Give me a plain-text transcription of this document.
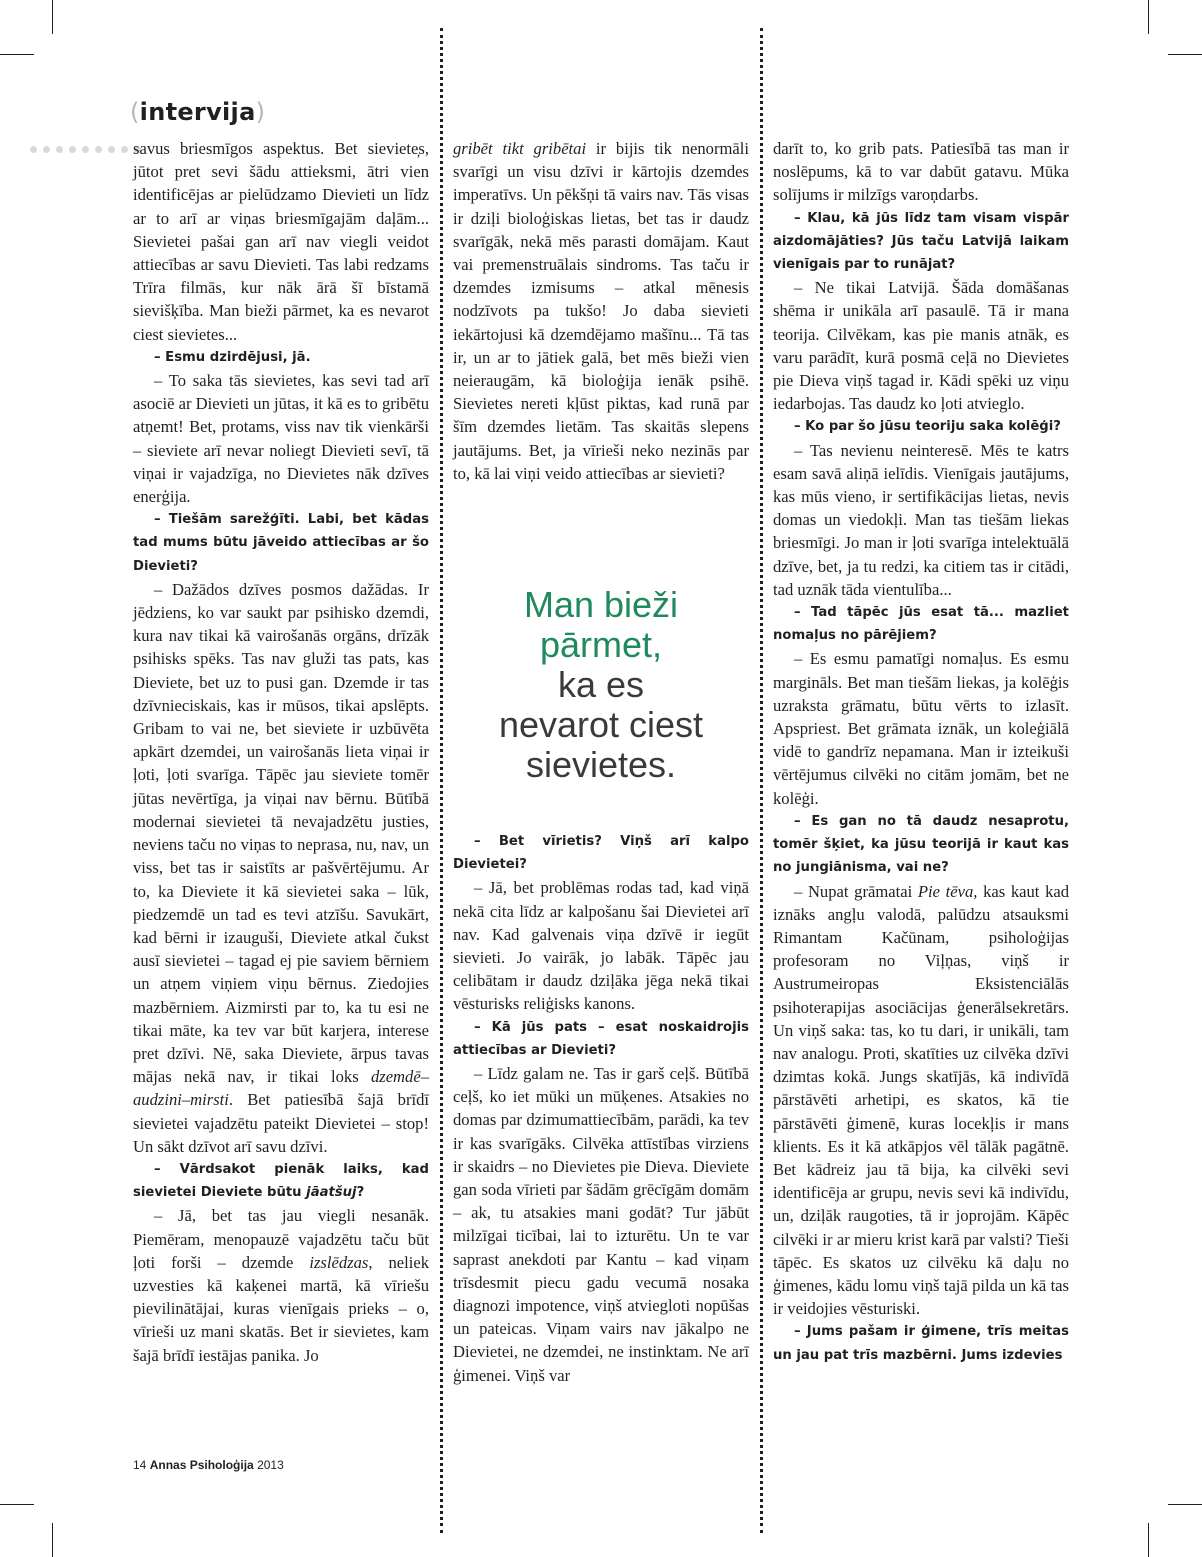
(intervija)

savus briesmīgos aspektus. Bet sieviete̦s, jūtot pret sevi šādu attieksmi, ātri vien identificējas ar pielūdzamo Dievieti un līdz ar to arī ar viņas briesmīgajām daļām... Sievietei pašai gan arī nav viegli veidot attiecības ar savu Dievieti. Tas labi redzams Trīra filmās, kur nāk ārā šī bīstamā sievišķība. Man bieži pārmet, ka es nevarot ciest sievietes...

– Esmu dzirdējusi, jā.

– To saka tās sievietes, kas sevi tad arī asociē ar Dievieti un jūtas, it kā es to gribētu atņemt! Bet, protams, viss nav tik vienkārši – sieviete arī nevar noliegt Dievieti sevī, tā viņai ir vajadzīga, no Dievietes nāk dzīves enerģija.

– Tiešām sarežģīti. Labi, bet kādas tad mums būtu jāveido attiecības ar šo Dievieti?

– Dažādos dzīves posmos dažādas. Ir jēdziens, ko var saukt par psihisko dzemdi, kura nav tikai kā vairošanās orgāns, drīzāk psihisks spēks. Tas nav gluži tas pats, kas Dieviete, bet uz to pusi gan. Dzemde ir tas dzīvnieciskais, kas ir mūsos, tikai apslēpts. Gribam to vai ne, bet sieviete ir uzbūvēta apkārt dzemdei, un vairošanās lieta viņai ir ļoti, ļoti svarīga. Tāpēc jau sieviete tomēr jūtas nevērtīga, ja viņai nav bērnu. Būtībā modernai sievietei tā nevajadzētu justies, neviens taču no viņas to neprasa, nu, nav, un viss, bet tas ir saistīts ar pašvērtējumu. Ar to, ka Dieviete it kā sievietei saka – lūk, piedzemdē un tad es tevi atzīšu. Savukārt, kad bērni ir izauguši, Dieviete atkal čukst ausī sievietei – tagad ej pie saviem bērniem un atņem viņiem viņu bērnus. Ziedojies mazbērniem. Aizmirsti par to, ka tu esi ne tikai māte, ka tev var būt karjera, interese pret dzīvi. Nē, saka Dieviete, ārpus tavas mājas nekā nav, ir tikai loks dzemdē–audzini–mirsti. Bet patiesībā šajā brīdī sievietei vajadzētu pateikt Dievietei – stop! Un sākt dzīvot arī savu dzīvi.

– Vārdsakot pienāk laiks, kad sievietei Dieviete būtu jāatšuj?

– Jā, bet tas jau viegli nesanāk. Piemēram, menopauzē vajadzētu taču būt ļoti forši – dzemde izslēdzas, neliek uzvesties kā kaķenei martā, kā vīriešu pievilinātājai, kuras vienīgais prieks – o, vīrieši uz mani skatās. Bet ir sievietes, kam šajā brīdī iestājas panika. Jo

gribēt tikt gribētai ir bijis tik nenormāli svarīgi un visu dzīvi ir kārtojis dzemdes imperatīvs. Un pēkšņi tā vairs nav. Tās visas ir dziļi bioloģiskas lietas, bet tas ir daudz svarīgāk, nekā mēs parasti domājam. Kaut vai premenstruālais sindroms. Tas taču ir dzemdes izmisums – atkal mēnesis nodzīvots pa tukšo! Jo daba sievieti iekārtojusi kā dzemdējamo mašīnu... Tā tas ir, un ar to jātiek galā, bet mēs bieži vien neieraugām, kā bioloģija ienāk psihē. Sievietes nereti kļūst piktas, kad runā par šīm dzemdes lietām. Tas skaitās slepens jautājums. Bet, ja vīrieši neko nezinās par to, kā lai viņi veido attiecības ar sievieti?

Man bieži
pārmet,
ka es
nevarot ciest
sievietes.

– Bet vīrietis? Viņš arī kalpo Dievietei?

– Jā, bet problēmas rodas tad, kad viņā nekā cita līdz ar kalpošanu šai Dievietei arī nav. Kad galvenais viņa dzīvē ir iegūt sievieti. Jo vairāk, jo labāk. Tāpēc jau celibātam ir daudz dziļāka jēga nekā tikai vēsturisks reliģisks kanons.

– Kā jūs pats – esat noskaidrojis attiecības ar Dievieti?

– Līdz galam ne. Tas ir garš ceļš. Būtībā ceļš, ko iet mūki un mūķenes. Atsakies no domas par dzimumattiecībām, parādi, ka tev ir kas svarīgāks. Cilvēka attīstības virziens ir skaidrs – no Dievietes pie Dieva. Dieviete gan soda vīrieti par šādām grēcīgām domām – ak, tu atsakies mani godāt? Tur jābūt milzīgai ticībai, lai to izturētu. Un te var saprast anekdoti par Kantu – kad viņam trīsdesmit piecu gadu vecumā nosaka diagnozi impotence, viņš atviegloti nopūšas un pateicas. Viņam vairs nav jākalpo ne Dievietei, ne dzemdei, ne instinktam. Ne arī ģimenei. Viņš var

darīt to, ko grib pats. Patiesībā tas man ir noslēpums, kā to var dabūt gatavu. Mūka solījums ir milzīgs varoņdarbs.

– Klau, kā jūs līdz tam visam vispār aizdomājāties? Jūs taču Latvijā laikam vienīgais par to runājat?

– Ne tikai Latvijā. Šāda domāšanas shēma ir unikāla arī pasaulē. Tā ir mana teorija. Cilvēkam, kas pie manis atnāk, es varu parādīt, kurā posmā ceļā no Dievietes pie Dieva viņš tagad ir. Kādi spēki uz viņu iedarbojas. Tas daudz ko ļoti atvieglo.

– Ko par šo jūsu teoriju saka kolēģi?

– Tas nevienu neinteresē. Mēs te katrs esam savā aliņā ielīdis. Vienīgais jautājums, kas mūs vieno, ir sertifikācijas lietas, nevis domas un viedokļi. Man tas tiešām liekas briesmīgi. Jo man ir ļoti svarīga intelektuālā dzīve, bet, ja tu redzi, ka citiem tas ir citādi, tad uznāk tāda vientulība...

– Tad tāpēc jūs esat tā... mazliet nomaļus no pārējiem?

– Es esmu pamatīgi nomaļus. Es esmu margināls. Bet man tiešām liekas, ja kolēģis uzraksta grāmatu, būtu vērts to izlasīt. Apspriest. Bet grāmata iznāk, un koleģiālā vidē to gandrīz nepamana. Man ir izteikuši vērtējumus cilvēki no citām jomām, bet ne kolēģi.

– Es gan no tā daudz nesaprotu, tomēr šķiet, ka jūsu teorijā ir kaut kas no jungiānisma, vai ne?

– Nupat grāmatai Pie tēva, kas kaut kad iznāks angļu valodā, palūdzu atsauksmi Rimantam Kačūnam, psiholoģijas profesoram no Viļņas, viņš ir Austrumeiropas Eksistenciālās psihoterapijas asociācijas ģenerālsekretārs. Un viņš saka: tas, ko tu dari, ir unikāli, tam nav analogu. Proti, skatīties uz cilvēka dzīvi dzimtas kokā. Jungs skatījās, kā indivīdā pārstāvēti arhetipi, es skatos, kā tie pārstāvēti ģimenē, kuras locekļis ir mans klients. Es it kā atkāpjos vēl tālāk pagātnē. Bet kādreiz jau tā bija, ka cilvēki sevi identificēja ar grupu, nevis sevi kā indivīdu, un, dziļāk raugoties, tā ir joprojām. Kāpēc cilvēki ir ar mieru krist karā par valsti? Tieši tāpēc. Es skatos uz cilvēku kā daļu no ģimenes, kādu lomu viņš tajā pilda un kā tas ir veidojies vēsturiski.

– Jums pašam ir ģimene, trīs meitas un jau pat trīs mazbērni. Jums izdevies

14 Annas Psiholoģija 2013
